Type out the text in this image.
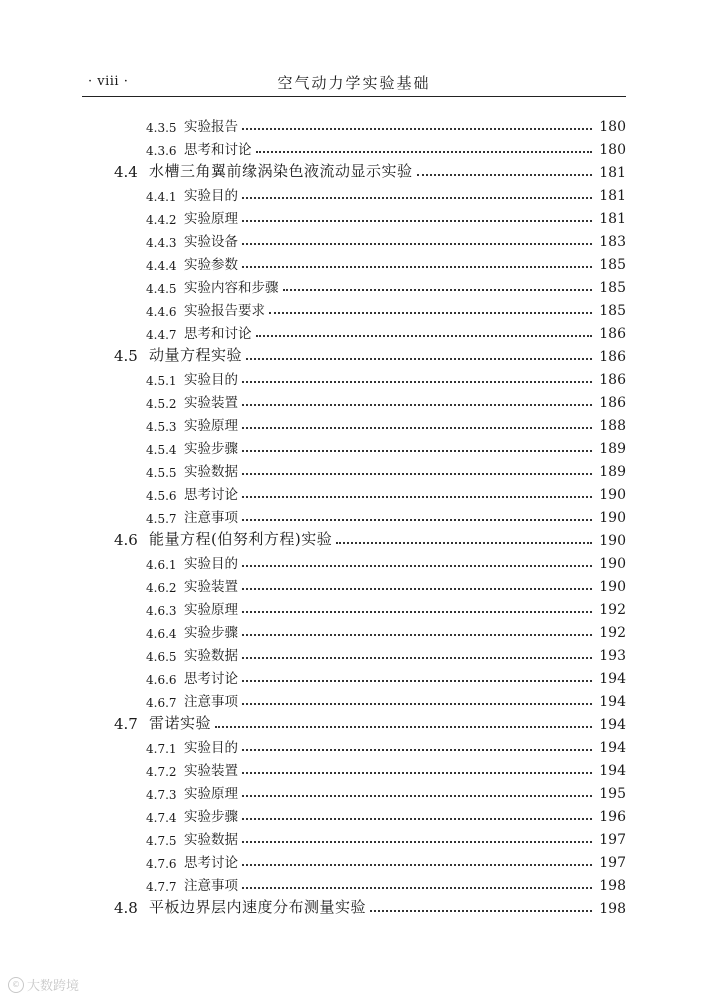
· viii ·	空气动力学实验基础
4.3.5 实验报告	180
4.3.6 思考和讨论	180
4.4 水槽三角翼前缘涡染色液流动显示实验	181
4.4.1 实验目的	181
4.4.2 实验原理	181
4.4.3 实验设备	183
4.4.4 实验参数	185
4.4.5 实验内容和步骤	185
4.4.6 实验报告要求	185
4.4.7 思考和讨论	186
4.5 动量方程实验	186
4.5.1 实验目的	186
4.5.2 实验装置	186
4.5.3 实验原理	188
4.5.4 实验步骤	189
4.5.5 实验数据	189
4.5.6 思考讨论	190
4.5.7 注意事项	190
4.6 能量方程(伯努利方程)实验	190
4.6.1 实验目的	190
4.6.2 实验装置	190
4.6.3 实验原理	192
4.6.4 实验步骤	192
4.6.5 实验数据	193
4.6.6 思考讨论	194
4.6.7 注意事项	194
4.7 雷诺实验	194
4.7.1 实验目的	194
4.7.2 实验装置	194
4.7.3 实验原理	195
4.7.4 实验步骤	196
4.7.5 实验数据	197
4.7.6 思考讨论	197
4.7.7 注意事项	198
4.8 平板边界层内速度分布测量实验	198
© 大数跨境
